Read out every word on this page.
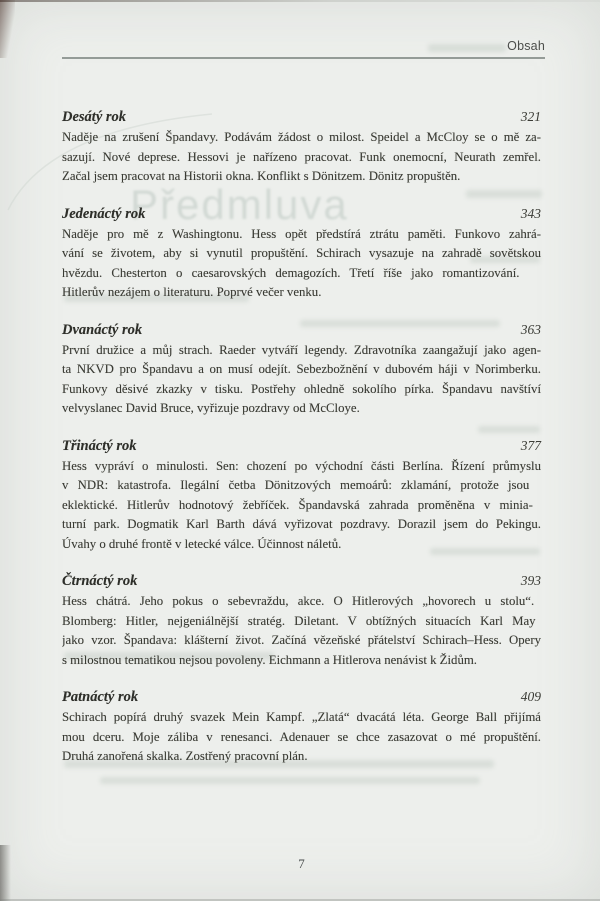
Předmluva
Obsah
Desátý rok	321
Naděje na zrušení Špandavy. Podávám žádost o milost. Speidel a McCloy se o mě za-
sazují. Nové deprese. Hessovi je nařízeno pracovat. Funk onemocní, Neurath zemřel.
Začal jsem pracovat na Historii okna. Konflikt s Dönitzem. Dönitz propuštěn.
Jedenáctý rok	343
Naděje pro mě z Washingtonu. Hess opět předstírá ztrátu paměti. Funkovo zahrá-
vání se životem, aby si vynutil propuštění. Schirach vysazuje na zahradě sovětskou
hvězdu. Chesterton o caesarovských demagozích. Třetí říše jako romantizování.
Hitlerův nezájem o literaturu. Poprvé večer venku.
Dvanáctý rok	363
První družice a můj strach. Raeder vytváří legendy. Zdravotníka zaangažují jako agen-
ta NKVD pro Špandavu a on musí odejít. Sebezbožnění v dubovém háji v Norimberku.
Funkovy děsivé zkazky v tisku. Postřehy ohledně sokolího pírka. Špandavu navštíví
velvyslanec David Bruce, vyřizuje pozdravy od McCloye.
Třináctý rok	377
Hess vypráví o minulosti. Sen: chození po východní části Berlína. Řízení průmyslu
v NDR: katastrofa. Ilegální četba Dönitzových memoárů: zklamání, protože jsou
eklektické. Hitlerův hodnotový žebříček. Špandavská zahrada proměněna v minia-
turní park. Dogmatik Karl Barth dává vyřizovat pozdravy. Dorazil jsem do Pekingu.
Úvahy o druhé frontě v letecké válce. Účinnost náletů.
Čtrnáctý rok	393
Hess chátrá. Jeho pokus o sebevraždu, akce. O Hitlerových „hovorech u stolu“.
Blomberg: Hitler, nejgeniálnější stratég. Diletant. V obtížných situacích Karl May
jako vzor. Špandava: klášterní život. Začíná vězeňské přátelství Schirach–Hess. Opery
s milostnou tematikou nejsou povoleny. Eichmann a Hitlerova nenávist k Židům.
Patnáctý rok	409
Schirach popírá druhý svazek Mein Kampf. „Zlatá“ dvacátá léta. George Ball přijímá
mou dceru. Moje záliba v renesanci. Adenauer se chce zasazovat o mé propuštění.
Druhá zanořená skalka. Zostřený pracovní plán.
7
